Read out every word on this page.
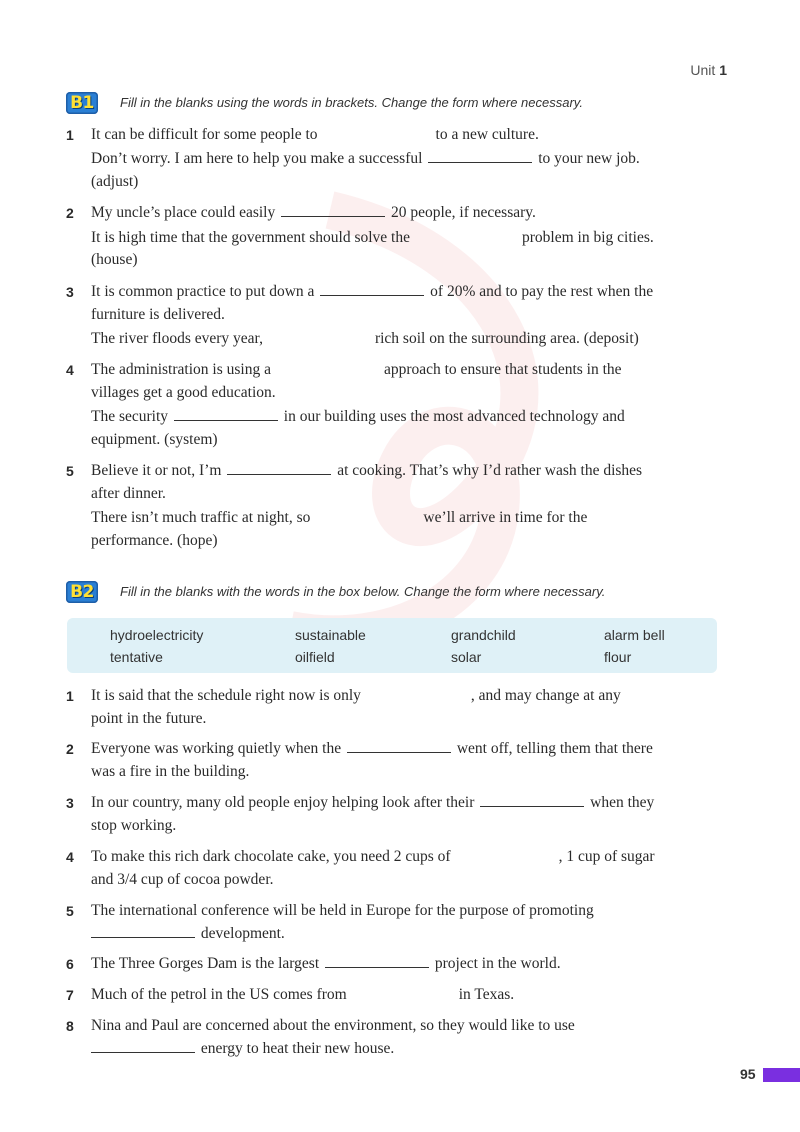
Unit 1
B1	Fill in the blanks using the words in brackets. Change the form where necessary.
1 It can be difficult for some people to	to a new culture.
Don’t worry. I am here to help you make a successful	to your new job.
(adjust)
2 My uncle’s place could easily	20 people, if necessary.
It is high time that the government should solve the	problem in big cities.
(house)
3 It is common practice to put down a	of 20% and to pay the rest when the
furniture is delivered.
The river floods every year,	rich soil on the surrounding area. (deposit)
4 The administration is using a	approach to ensure that students in the
villages get a good education.
The security	in our building uses the most advanced technology and
equipment. (system)
5 Believe it or not, I’m	at cooking. That’s why I’d rather wash the dishes
after dinner.
There isn’t much traffic at night, so	we’ll arrive in time for the
performance. (hope)
B2	Fill in the blanks with the words in the box below. Change the form where necessary.
hydroelectricity	sustainable	grandchild	alarm bell
tentative	oilfield	solar	flour
1 It is said that the schedule right now is only	, and may change at any
point in the future.
2 Everyone was working quietly when the	went off, telling them that there
was a fire in the building.
3 In our country, many old people enjoy helping look after their	when they
stop working.
4 To make this rich dark chocolate cake, you need 2 cups of	, 1 cup of sugar
and 3/4 cup of cocoa powder.
5 The international conference will be held in Europe for the purpose of promoting
development.
6 The Three Gorges Dam is the largest	project in the world.
7 Much of the petrol in the US comes from	in Texas.
8 Nina and Paul are concerned about the environment, so they would like to use
energy to heat their new house.
95
